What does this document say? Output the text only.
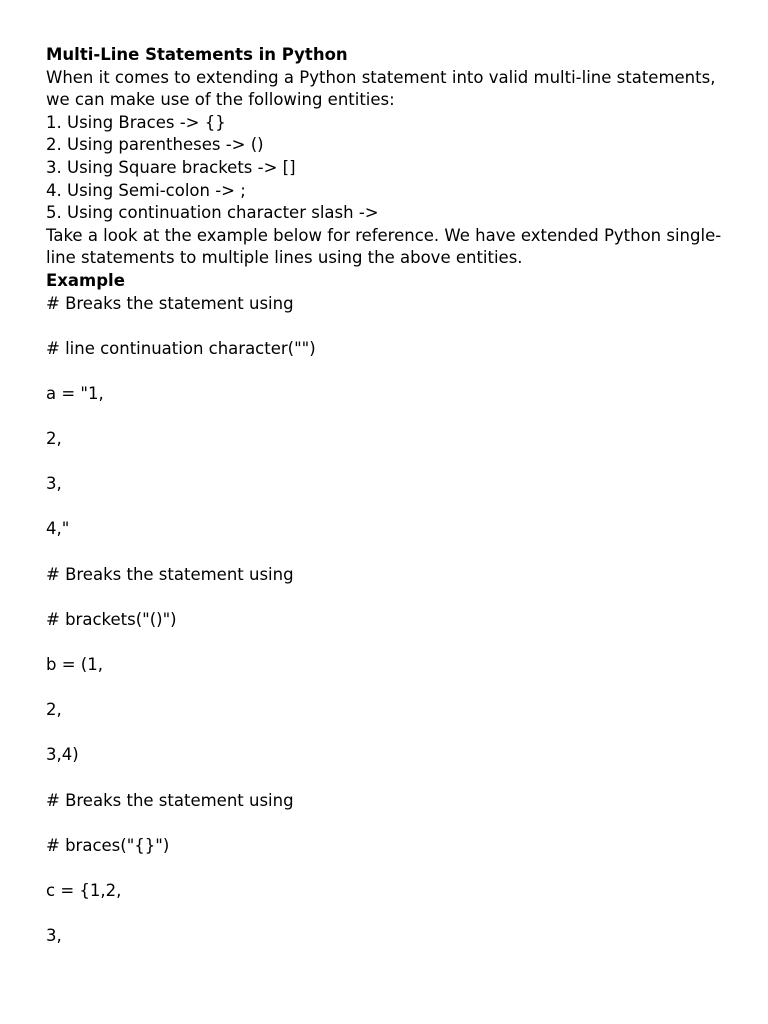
Multi-Line Statements in Python

When it comes to extending a Python statement into valid multi-line statements, we can make use of the following entities:

1. Using Braces -> {}

2. Using parentheses -> ()

3. Using Square brackets -> []

4. Using Semi-colon -> ;

5. Using continuation character slash ->

Take a look at the example below for reference. We have extended Python single-line statements to multiple lines using the above entities.

Example

# Breaks the statement using

# line continuation character("")

a = "1,

2,

3,

4,"

# Breaks the statement using

# brackets("()")

b = (1,

2,

3,4)

# Breaks the statement using

# braces("{}")

c = {1,2,

3,
